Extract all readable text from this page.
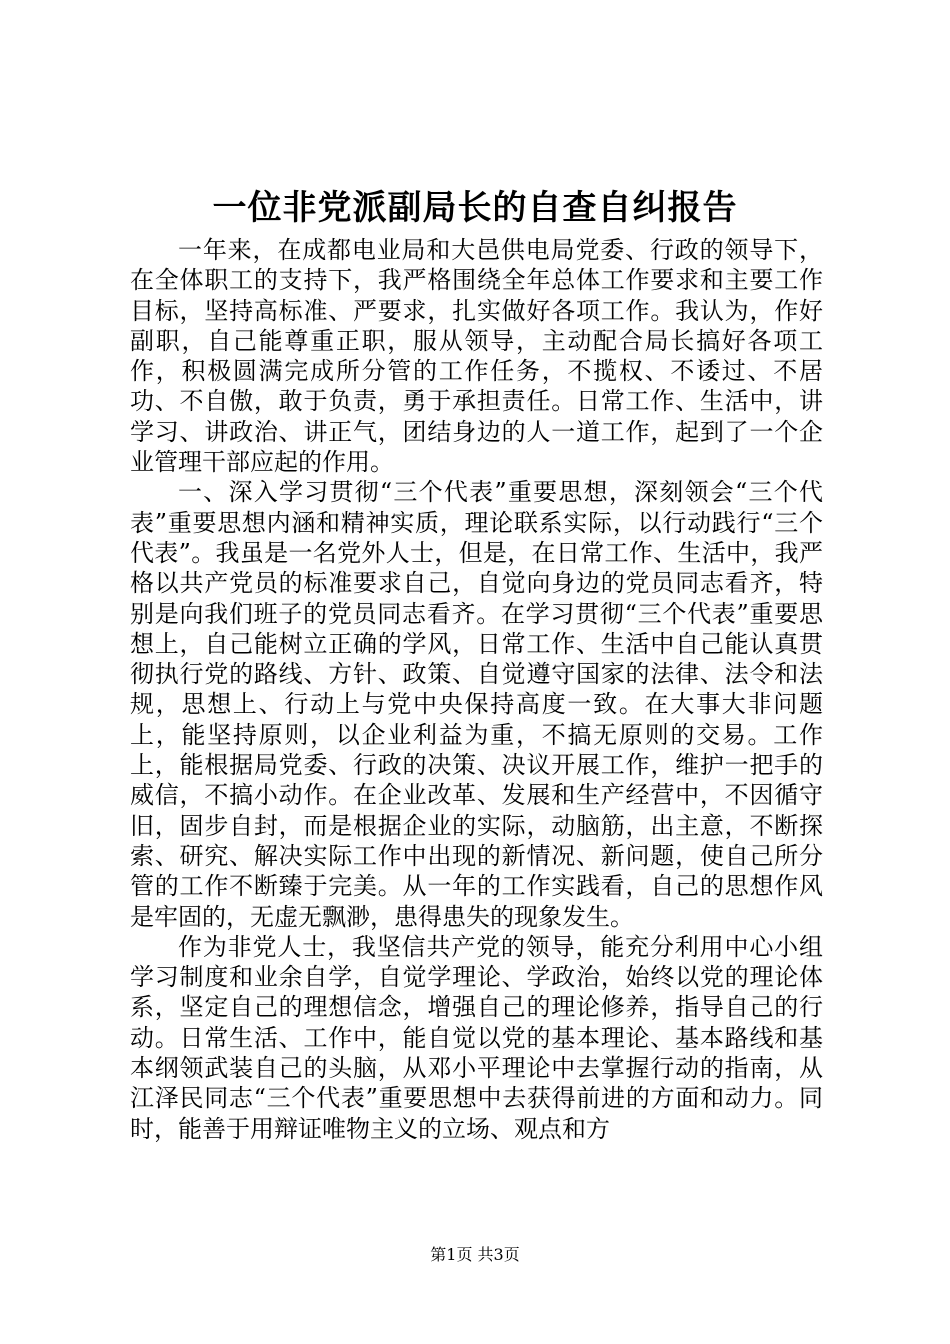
一位非党派副局长的自查自纠报告

一年来，在成都电业局和大邑供电局党委、行政的领导下，在全体职工的支持下，我严格围绕全年总体工作要求和主要工作目标，坚持高标准、严要求，扎实做好各项工作。我认为，作好副职，自己能尊重正职，服从领导，主动配合局长搞好各项工作，积极圆满完成所分管的工作任务，不揽权、不诿过、不居功、不自傲，敢于负责，勇于承担责任。日常工作、生活中，讲学习、讲政治、讲正气，团结身边的人一道工作，起到了一个企业管理干部应起的作用。

一、深入学习贯彻“三个代表”重要思想，深刻领会“三个代表”重要思想内涵和精神实质，理论联系实际，以行动践行“三个代表”。我虽是一名党外人士，但是，在日常工作、生活中，我严格以共产党员的标准要求自己，自觉向身边的党员同志看齐，特别是向我们班子的党员同志看齐。在学习贯彻“三个代表”重要思想上，自己能树立正确的学风，日常工作、生活中自己能认真贯彻执行党的路线、方针、政策、自觉遵守国家的法律、法令和法规，思想上、行动上与党中央保持高度一致。在大事大非问题上，能坚持原则，以企业利益为重，不搞无原则的交易。工作上，能根据局党委、行政的决策、决议开展工作，维护一把手的威信，不搞小动作。在企业改革、发展和生产经营中，不因循守旧，固步自封，而是根据企业的实际，动脑筋，出主意，不断探索、研究、解决实际工作中出现的新情况、新问题，使自己所分管的工作不断臻于完美。从一年的工作实践看，自己的思想作风是牢固的，无虚无飘渺，患得患失的现象发生。

作为非党人士，我坚信共产党的领导，能充分利用中心小组学习制度和业余自学，自觉学理论、学政治，始终以党的理论体系，坚定自己的理想信念，增强自己的理论修养，指导自己的行动。日常生活、工作中，能自觉以党的基本理论、基本路线和基本纲领武装自己的头脑，从邓小平理论中去掌握行动的指南，从江泽民同志“三个代表”重要思想中去获得前进的方面和动力。同时，能善于用辩证唯物主义的立场、观点和方

第1页 共3页
